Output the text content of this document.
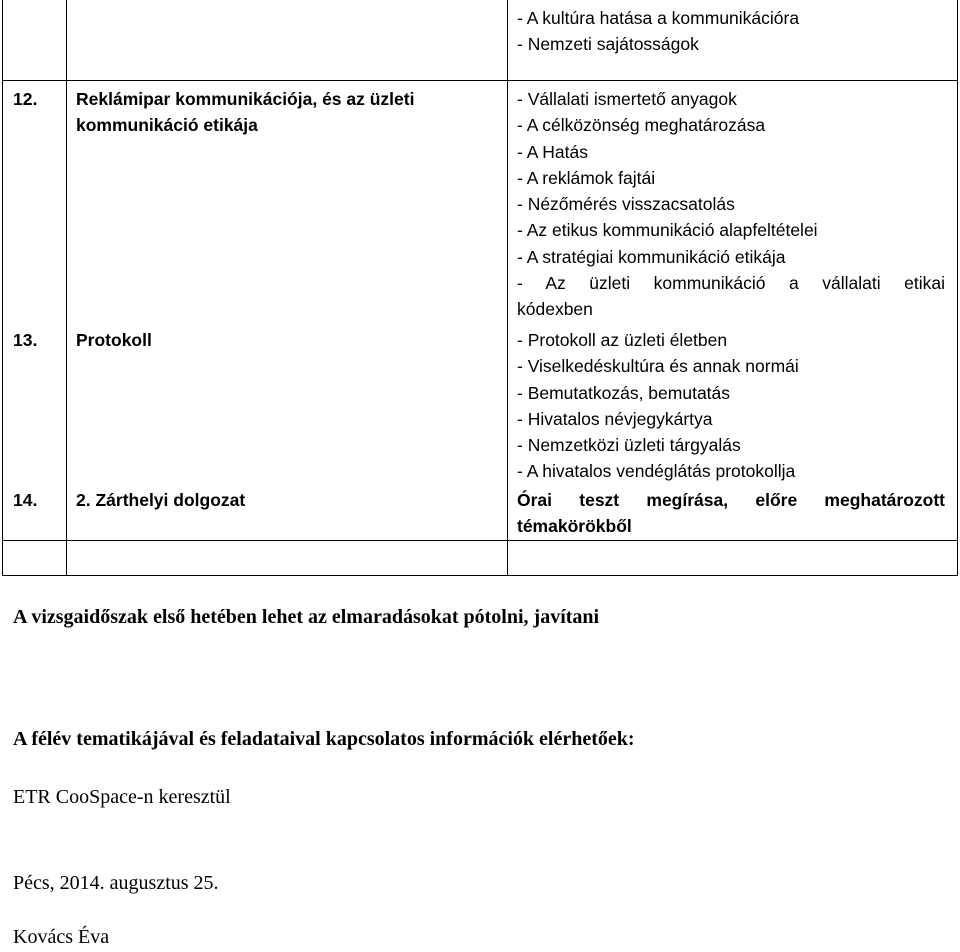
- A kultúra hatása a kommunikációra
- Nemzeti sajátosságok
12. Reklámipar kommunikációja, és az üzleti
kommunikáció etikája
- Vállalati ismertető anyagok
- A célközönség meghatározása
- A Hatás
- A reklámok fajtái
- Nézőmérés visszacsatolás
- Az etikus kommunikáció alapfeltételei
- A stratégiai kommunikáció etikája
- Az üzleti kommunikáció a vállalati etikai
kódexben
13. Protokoll	- Protokoll az üzleti életben
- Viselkedéskultúra és annak normái
- Bemutatkozás, bemutatás
- Hivatalos névjegykártya
- Nemzetközi üzleti tárgyalás
- A hivatalos vendéglátás protokollja
14. 2. Zárthelyi dolgozat	Órai teszt megírása, előre meghatározott
témakörökből
A vizsgaidőszak első hetében lehet az elmaradásokat pótolni, javítani
A félév tematikájával és feladataival kapcsolatos információk elérhetőek:
ETR CooSpace-n keresztül
Pécs, 2014. augusztus 25.
Kovács Éva
